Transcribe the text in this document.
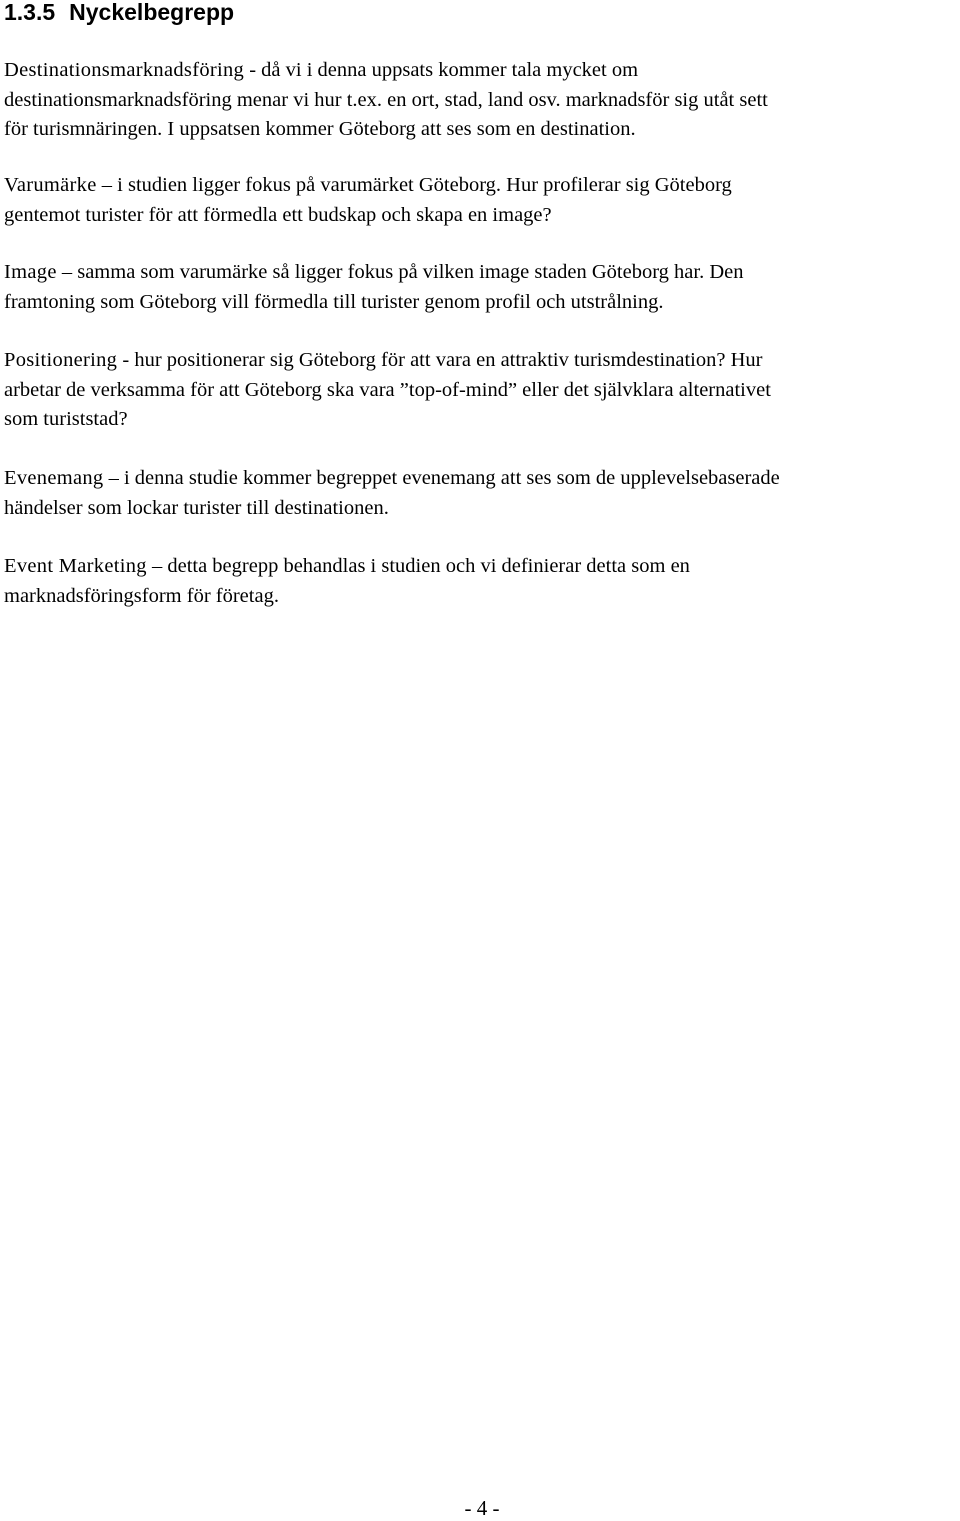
1.3.5 Nyckelbegrepp

Destinationsmarknadsföring - då vi i denna uppsats kommer tala mycket om
destinationsmarknadsföring menar vi hur t.ex. en ort, stad, land osv. marknadsför sig utåt sett
för turismnäringen. I uppsatsen kommer Göteborg att ses som en destination.

Varumärke – i studien ligger fokus på varumärket Göteborg. Hur profilerar sig Göteborg
gentemot turister för att förmedla ett budskap och skapa en image?

Image – samma som varumärke så ligger fokus på vilken image staden Göteborg har. Den
framtoning som Göteborg vill förmedla till turister genom profil och utstrålning.

Positionering - hur positionerar sig Göteborg för att vara en attraktiv turismdestination? Hur
arbetar de verksamma för att Göteborg ska vara ”top-of-mind” eller det självklara alternativet
som turiststad?

Evenemang – i denna studie kommer begreppet evenemang att ses som de upplevelsebaserade
händelser som lockar turister till destinationen.

Event Marketing – detta begrepp behandlas i studien och vi definierar detta som en
marknadsföringsform för företag.

- 4 -
